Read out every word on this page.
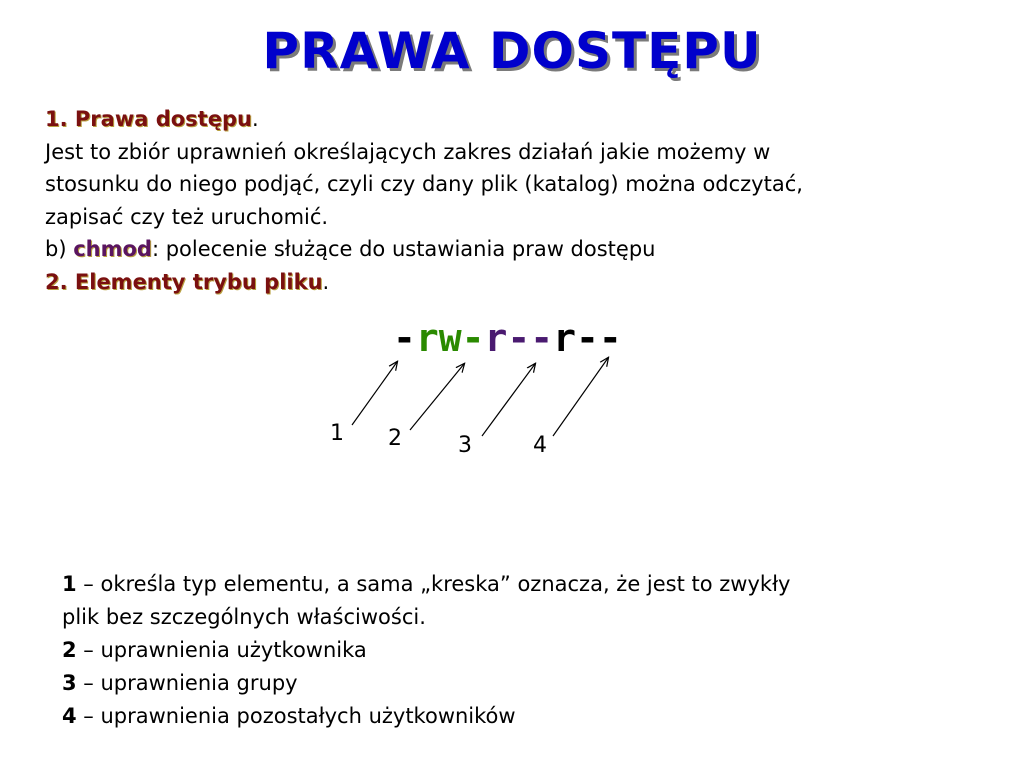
PRAWA DOSTĘPU
1. Prawa dostępu.
Jest to zbiór uprawnień określających zakres działań jakie możemy w
stosunku do niego podjąć, czyli czy dany plik (katalog) można odczytać,
zapisać czy też uruchomić.
b) chmod: polecenie służące do ustawiania praw dostępu
2. Elementy trybu pliku.
-rw-r--r--
1 2	3	4
1 – określa typ elementu, a sama „kreska” oznacza, że jest to zwykły
plik bez szczególnych właściwości.
2 – uprawnienia użytkownika
3 – uprawnienia grupy
4 – uprawnienia pozostałych użytkowników
